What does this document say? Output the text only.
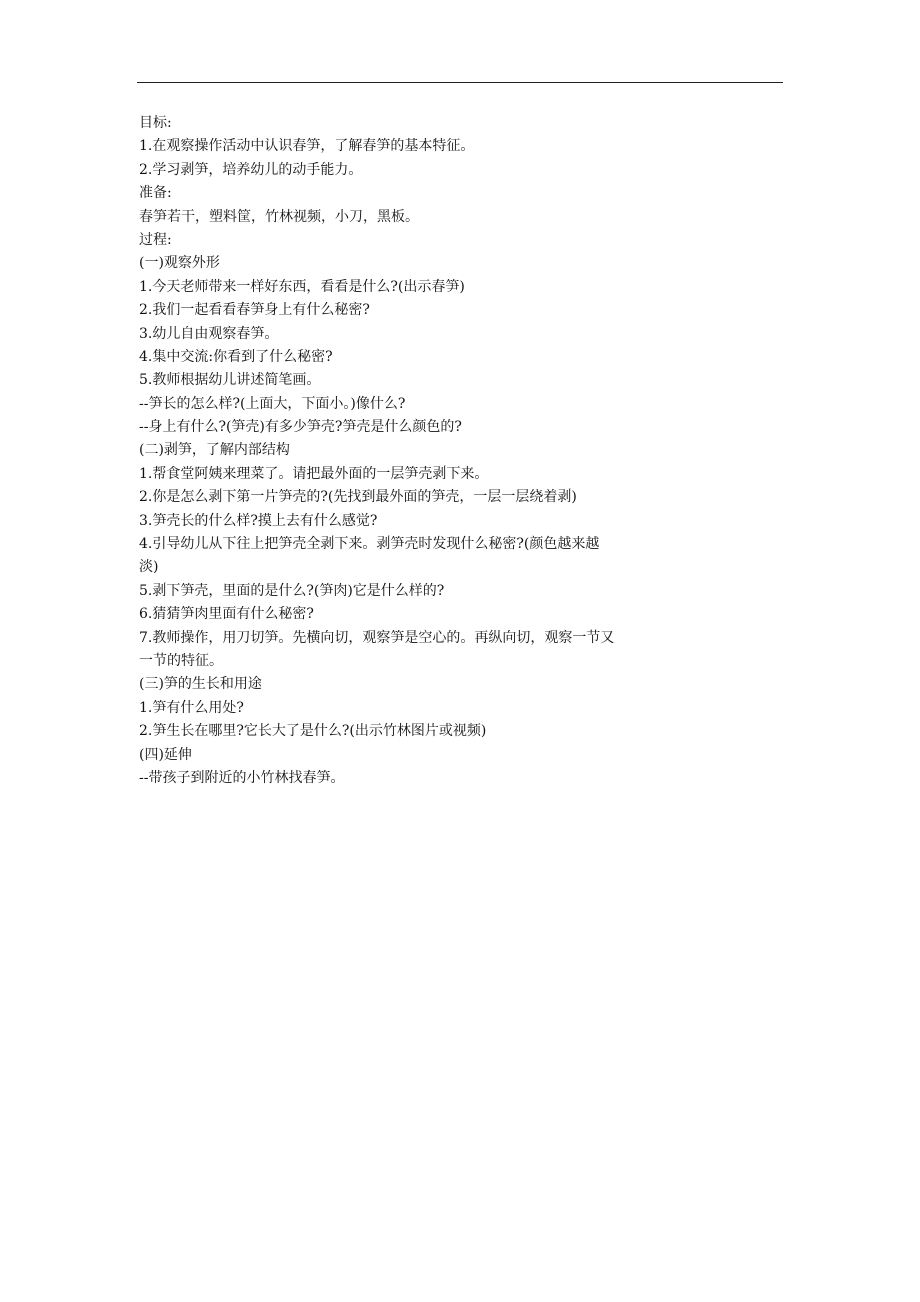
目标:
1.在观察操作活动中认识春笋，了解春笋的基本特征。
2.学习剥笋，培养幼儿的动手能力。
准备:
春笋若干，塑料筐，竹林视频，小刀，黑板。
过程:
(一)观察外形
1.今天老师带来一样好东西，看看是什么?(出示春笋)
2.我们一起看看春笋身上有什么秘密?
3.幼儿自由观察春笋。
4.集中交流:你看到了什么秘密?
5.教师根据幼儿讲述简笔画。
--笋长的怎么样?(上面大，下面小。)像什么?
--身上有什么?(笋壳)有多少笋壳?笋壳是什么颜色的?
(二)剥笋，了解内部结构
1.帮食堂阿姨来理菜了。请把最外面的一层笋壳剥下来。
2.你是怎么剥下第一片笋壳的?(先找到最外面的笋壳，一层一层绕着剥)
3.笋壳长的什么样?摸上去有什么感觉?
4.引导幼儿从下往上把笋壳全剥下来。剥笋壳时发现什么秘密?(颜色越来越
淡)
5.剥下笋壳，里面的是什么?(笋肉)它是什么样的?
6.猜猜笋肉里面有什么秘密?
7.教师操作，用刀切笋。先横向切，观察笋是空心的。再纵向切，观察一节又
一节的特征。
(三)笋的生长和用途
1.笋有什么用处?
2.笋生长在哪里?它长大了是什么?(出示竹林图片或视频)
(四)延伸
--带孩子到附近的小竹林找春笋。
